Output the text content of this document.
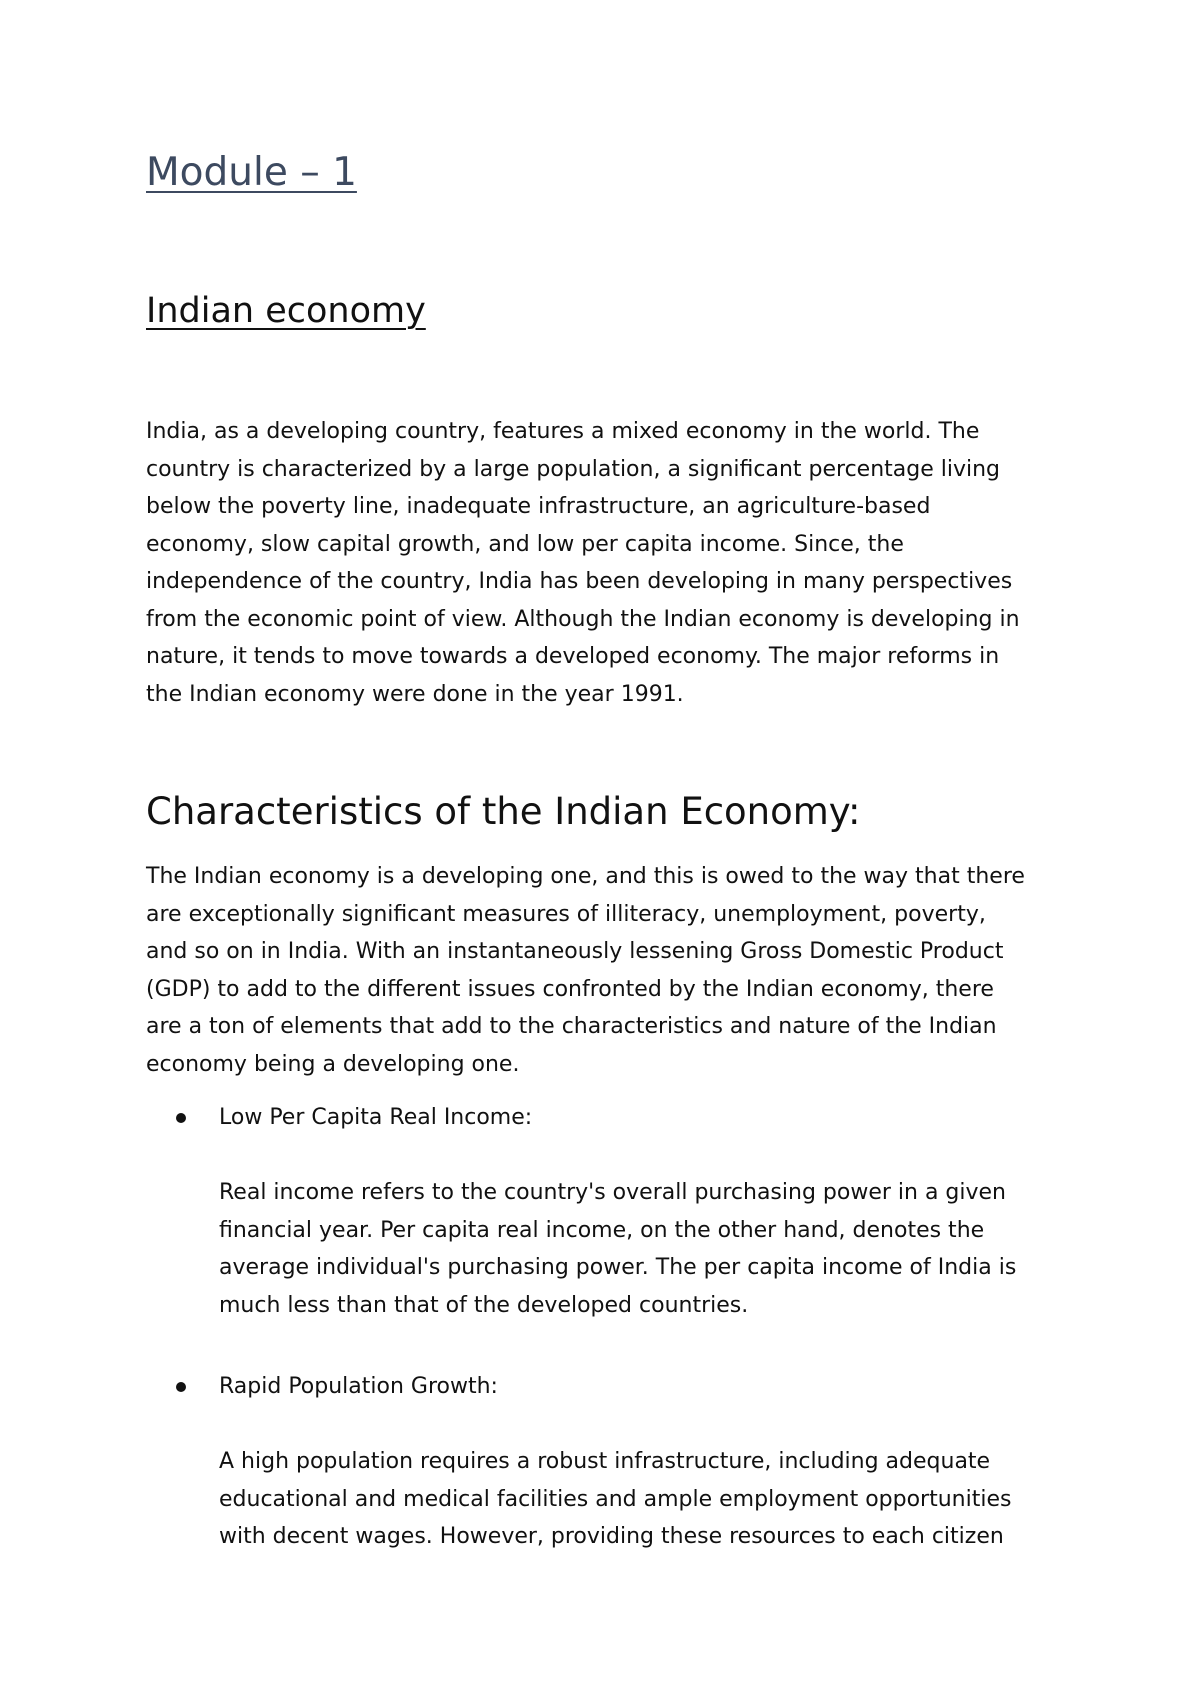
Module – 1
Indian economy

India, as a developing country, features a mixed economy in the world. The
country is characterized by a large population, a significant percentage living
below the poverty line, inadequate infrastructure, an agriculture-based
economy, slow capital growth, and low per capita income. Since, the
independence of the country, India has been developing in many perspectives
from the economic point of view. Although the Indian economy is developing in
nature, it tends to move towards a developed economy. The major reforms in
the Indian economy were done in the year 1991.

Characteristics of the Indian Economy:

The Indian economy is a developing one, and this is owed to the way that there
are exceptionally significant measures of illiteracy, unemployment, poverty,
and so on in India. With an instantaneously lessening Gross Domestic Product
(GDP) to add to the different issues confronted by the Indian economy, there
are a ton of elements that add to the characteristics and nature of the Indian
economy being a developing one.

Low Per Capita Real Income:

Real income refers to the country's overall purchasing power in a given
financial year. Per capita real income, on the other hand, denotes the
average individual's purchasing power. The per capita income of India is
much less than that of the developed countries.

Rapid Population Growth:

A high population requires a robust infrastructure, including adequate
educational and medical facilities and ample employment opportunities
with decent wages. However, providing these resources to each citizen
